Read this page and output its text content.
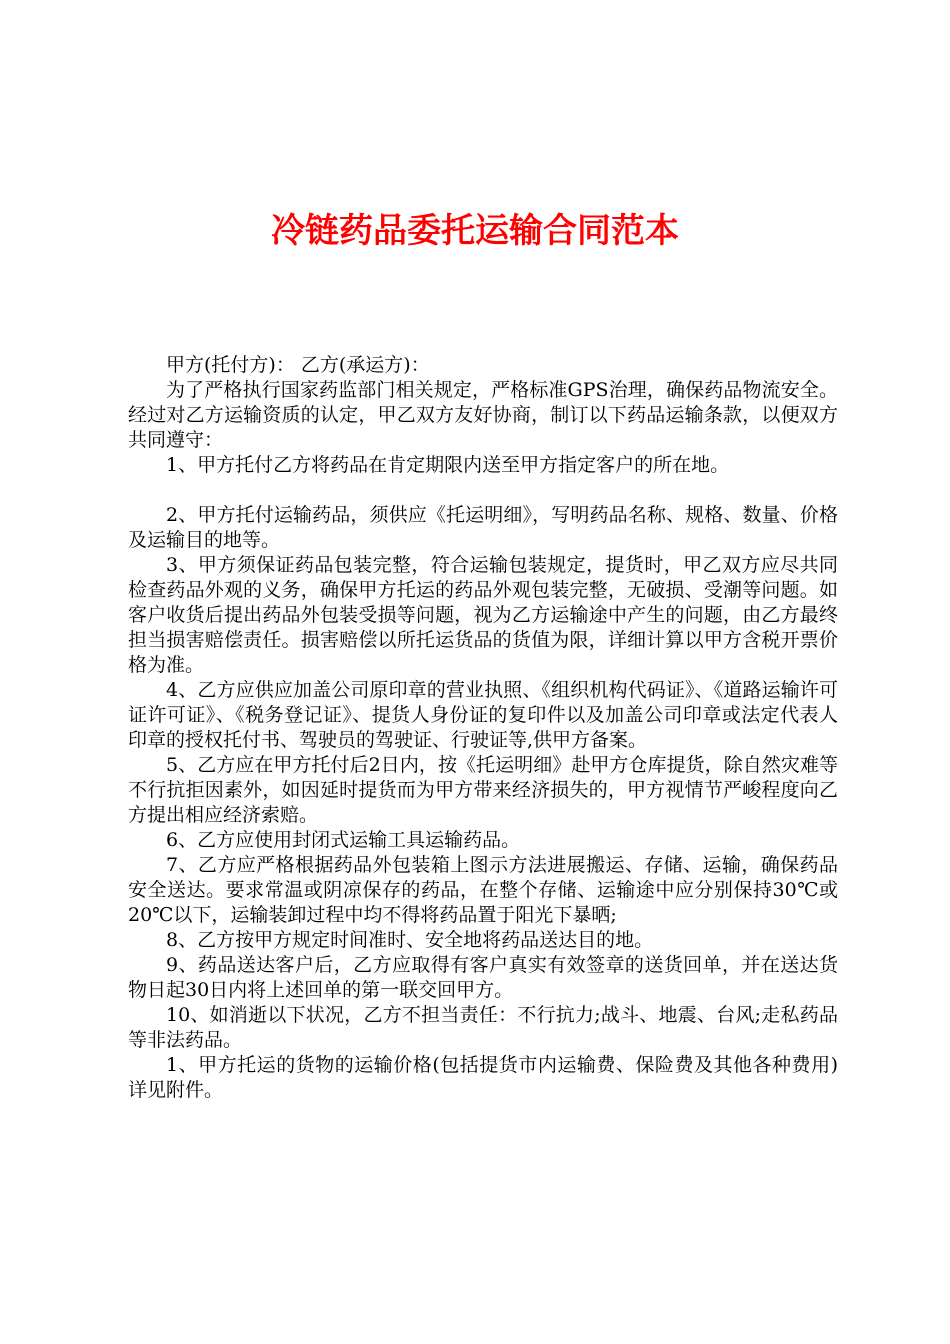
冷链药品委托运输合同范本

甲方(托付方)： 乙方(承运方)：

为了严格执行国家药监部门相关规定，严格标准GPS治理，确保药品物流安全。经过对乙方运输资质的认定，甲乙双方友好协商，制订以下药品运输条款，以便双方共同遵守：

1、甲方托付乙方将药品在肯定期限内送至甲方指定客户的所在地。

2、甲方托付运输药品，须供应《托运明细》，写明药品名称、规格、数量、价格及运输目的地等。

3、甲方须保证药品包装完整，符合运输包装规定，提货时，甲乙双方应尽共同检查药品外观的义务，确保甲方托运的药品外观包装完整，无破损、受潮等问题。如客户收货后提出药品外包装受损等问题，视为乙方运输途中产生的问题，由乙方最终担当损害赔偿责任。损害赔偿以所托运货品的货值为限，详细计算以甲方含税开票价格为准。

4、乙方应供应加盖公司原印章的营业执照、《组织机构代码证》、《道路运输许可证许可证》、《税务登记证》、提货人身份证的复印件以及加盖公司印章或法定代表人印章的授权托付书、驾驶员的驾驶证、行驶证等,供甲方备案。

5、乙方应在甲方托付后2日内，按《托运明细》赴甲方仓库提货，除自然灾难等不行抗拒因素外，如因延时提货而为甲方带来经济损失的，甲方视情节严峻程度向乙方提出相应经济索赔。

6、乙方应使用封闭式运输工具运输药品。

7、乙方应严格根据药品外包装箱上图示方法进展搬运、存储、运输，确保药品安全送达。要求常温或阴凉保存的药品，在整个存储、运输途中应分别保持30℃或20℃以下，运输装卸过程中均不得将药品置于阳光下暴晒;

8、乙方按甲方规定时间准时、安全地将药品送达目的地。

9、药品送达客户后，乙方应取得有客户真实有效签章的送货回单，并在送达货物日起30日内将上述回单的第一联交回甲方。

10、如消逝以下状况，乙方不担当责任：不行抗力;战斗、地震、台风;走私药品等非法药品。

1、甲方托运的货物的运输价格(包括提货市内运输费、保险费及其他各种费用)详见附件。
